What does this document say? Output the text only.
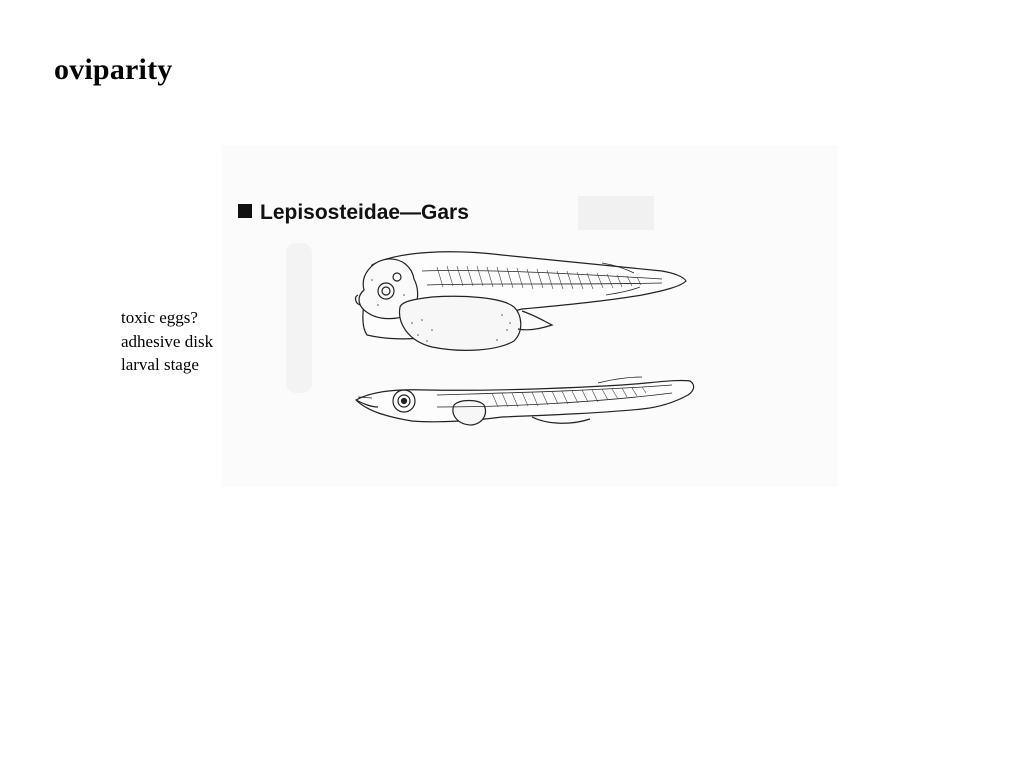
oviparity
toxic eggs?
adhesive disk
larval stage
Lepisosteidae—Gars
